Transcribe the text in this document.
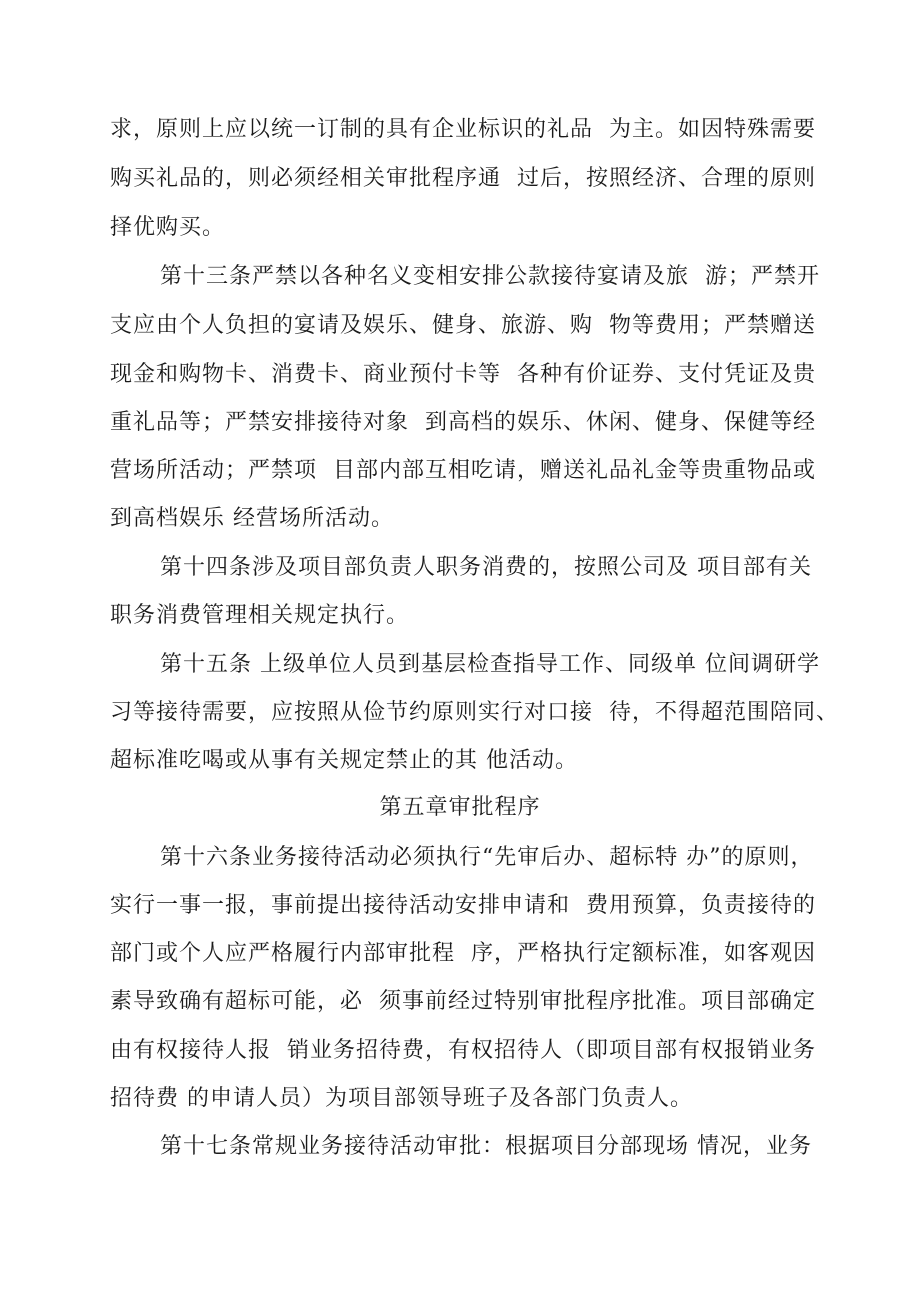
求，原则上应以统一订制的具有企业标识的礼品  为主。如因特殊需要
购买礼品的，则必须经相关审批程序通  过后，按照经济、合理的原则
择优购买。
第十三条严禁以各种名义变相安排公款接待宴请及旅  游；严禁开
支应由个人负担的宴请及娱乐、健身、旅游、购  物等费用；严禁赠送
现金和购物卡、消费卡、商业预付卡等  各种有价证券、支付凭证及贵
重礼品等；严禁安排接待对象  到高档的娱乐、休闲、健身、保健等经
营场所活动；严禁项  目部内部互相吃请，赠送礼品礼金等贵重物品或
到高档娱乐 经营场所活动。
第十四条涉及项目部负责人职务消费的，按照公司及 项目部有关
职务消费管理相关规定执行。
第十五条 上级单位人员到基层检查指导工作、同级单 位间调研学
习等接待需要，应按照从俭节约原则实行对口接  待，不得超范围陪同、
超标准吃喝或从事有关规定禁止的其 他活动。
第五章审批程序
第十六条业务接待活动必须执行“先审后办、超标特 办”的原则，
实行一事一报，事前提出接待活动安排申请和  费用预算，负责接待的
部门或个人应严格履行内部审批程  序，严格执行定额标准，如客观因
素导致确有超标可能，必  须事前经过特别审批程序批准。项目部确定
由有权接待人报  销业务招待费，有权招待人（即项目部有权报销业务
招待费 的申请人员）为项目部领导班子及各部门负责人。
第十七条常规业务接待活动审批：根据项目分部现场 情况，业务
